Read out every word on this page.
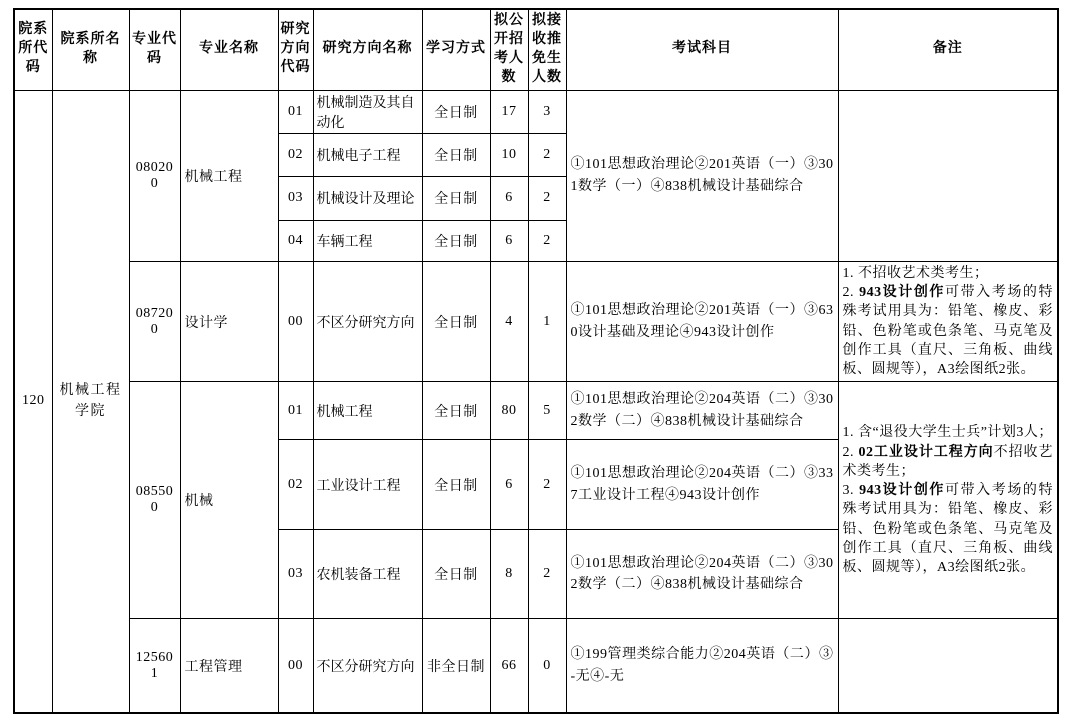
院系所代码	院系所名称	专业代码	专业名称	研究方向代码	研究方向名称	学习方式	拟公开招考人数	拟接收推免生人数	考试科目	备注
120	机械工程学院	080200	机械工程	01	机械制造及其自动化	全日制	17	3	①101思想政治理论②201英语（一）③301数学（一）④838机械设计基础综合	
				02	机械电子工程	全日制	10	2		
				03	机械设计及理论	全日制	6	2		
				04	车辆工程	全日制	6	2		
		087200	设计学	00	不区分研究方向	全日制	4	1	①101思想政治理论②201英语（一）③630设计基础及理论④943设计创作	1. 不招收艺术类考生；
2. 943设计创作可带入考场的特殊考试用具为：铅笔、橡皮、彩铅、色粉笔或色条笔、马克笔及创作工具（直尺、三角板、曲线板、圆规等），A3绘图纸2张。

		085500	机械	01	机械工程	全日制	80	5	①101思想政治理论②204英语（二）③302数学（二）④838机械设计基础综合	1. 含“退役大学生士兵”计划3人；
2. 02工业设计工程方向不招收艺术类考生；
3. 943设计创作可带入考场的特殊考试用具为：铅笔、橡皮、彩铅、色粉笔或色条笔、马克笔及创作工具（直尺、三角板、曲线板、圆规等），A3绘图纸2张。

				02	工业设计工程	全日制	6	2	①101思想政治理论②204英语（二）③337工业设计工程④943设计创作	
				03	农机装备工程	全日制	8	2	①101思想政治理论②204英语（二）③302数学（二）④838机械设计基础综合	
		125601	工程管理	00	不区分研究方向	非全日制	66	0	①199管理类综合能力②204英语（二）③-无④-无	
